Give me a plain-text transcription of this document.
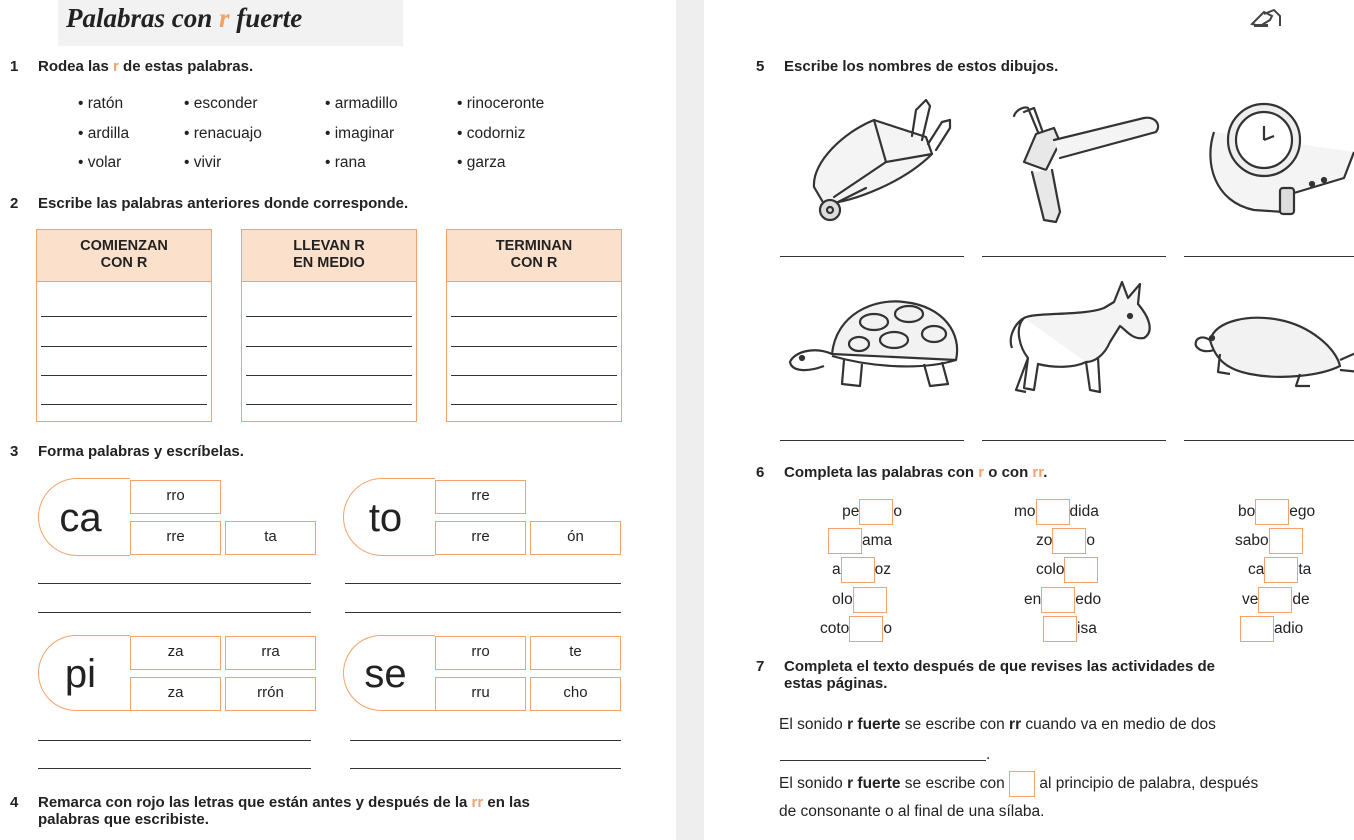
Palabras con r fuerte
1 Rodea las r de estas palabras.
• ratón	• esconder	• armadillo	• rinoceronte
• ardilla	• renacuajo	• imaginar	• codorniz
• volar	• vivir	• rana	• garza
2 Escribe las palabras anteriores donde corresponde.
COMIENZAN
CON R
LLEVAN R
EN MEDIO
TERMINAN
CON R
3 Forma palabras y escríbelas.
ca
rro
rre	ta	to
rre
rre	ón
pi
za
za
rra
rrón	se
rro
rru
te
cho
4 Remarca con rojo las letras que están antes y después de la rr en las
palabras que escribiste.
5 Escribe los nombres de estos dibujos.
6 Completa las palabras con r o con rr.
pe o	mo dida	bo ego
ama	zo o	sabo
a oz	colo	ca ta
olo	en edo	ve de
coto o	isa	adio
7 Completa el texto después de que revises las actividades de
estas páginas.
El sonido r fuerte se escribe con rr cuando va en medio de dos
.
El sonido r fuerte se escribe con  al principio de palabra, después
de consonante o al final de una sílaba.
